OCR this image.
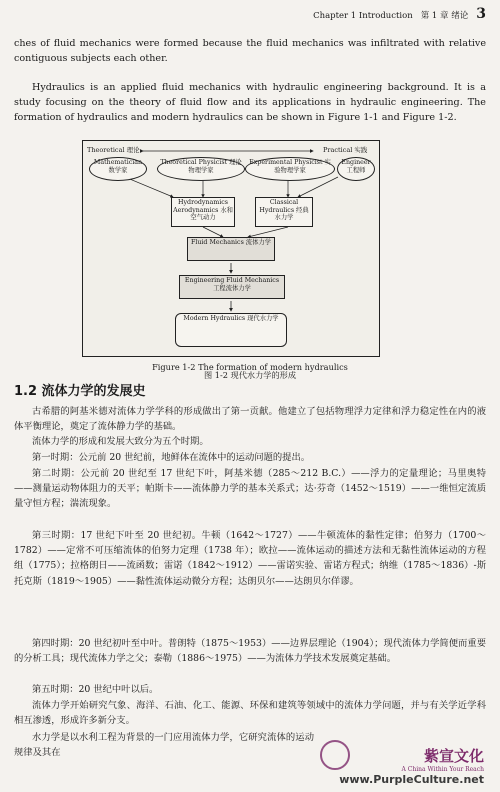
Chapter 1 Introduction 第 1 章 绪论 3

ches of fluid mechanics were formed because the fluid mechanics was infiltrated with relative contiguous subjects each other.

Hydraulics is an applied fluid mechanics with hydraulic engineering background. It is a study focusing on the theory of fluid flow and its applications in hydraulic engineering. The formation of hydraulics and modern hydraulics can be shown in Figure 1-1 and Figure 1-2.

Theoretical 理论	Practical 实践
Mathematician 数学家
Theoretical Physicist 理论物理学家
Experimental Physicist 实验物理学家
Engineer 工程师
Hydrodynamics Aerodynamics 水和空气动力
Classical Hydraulics 经典水力学
Fluid Mechanics 流体力学
Engineering Fluid Mechanics 工程流体力学
Modern Hydraulics 现代水力学
Figure 1-2 The formation of modern hydraulics
1.2 流体力学的发展史

古希腊的阿基米德对流体力学学科的形成做出了第一贡献。他建立了包括物理浮力定律和浮力稳定性在内的液体平衡理论，奠定了流体静力学的基础。

流体力学的形成和发展大致分为五个时期。

第一时期：公元前 20 世纪前，地鲜体在流体中的运动问题的提出。

第二时期：公元前 20 世纪至 17 世纪下叶，阿基米德（285～212 B.C.）——浮力的定量理论；马里奥特——测量运动物体阻力的天平；帕斯卡——流体静力学的基本关系式；达·芬奇（1452～1519）——一维恒定流质量守恒方程；湍流现象。

第三时期：17 世纪下叶至 20 世纪初。牛顿（1642～1727）——牛顿流体的黏性定律；伯努力（1700～1782）——定常不可压缩流体的伯努力定理（1738 年）；欧拉——流体运动的描述方法和无黏性流体运动的方程组（1775）；拉格朗日——流函数；雷诺（1842～1912）——雷诺实验、雷诺方程式；纳维（1785～1836）-斯托克斯（1819～1905）——黏性流体运动微分方程；达朗贝尔——达朗贝尔佯谬。

第四时期：20 世纪初叶至中叶。普朗特（1875～1953）——边界层理论（1904）；现代流体力学简便而重要的分析工具；现代流体力学之父；泰勒（1886～1975）——为流体力学技术发展奠定基础。

第五时期：20 世纪中叶以后。

流体力学开始研究气象、海洋、石油、化工、能源、环保和建筑等领域中的流体力学问题，并与有关学近学科相互渗透，形成许多新分支。

水力学是以水利工程为背景的一门应用流体力学，它研究流体的运动规律及其在

图 1-2 现代水力学的形成
紫宣文化
A China Within Your Reach
www.PurpleCulture.net
